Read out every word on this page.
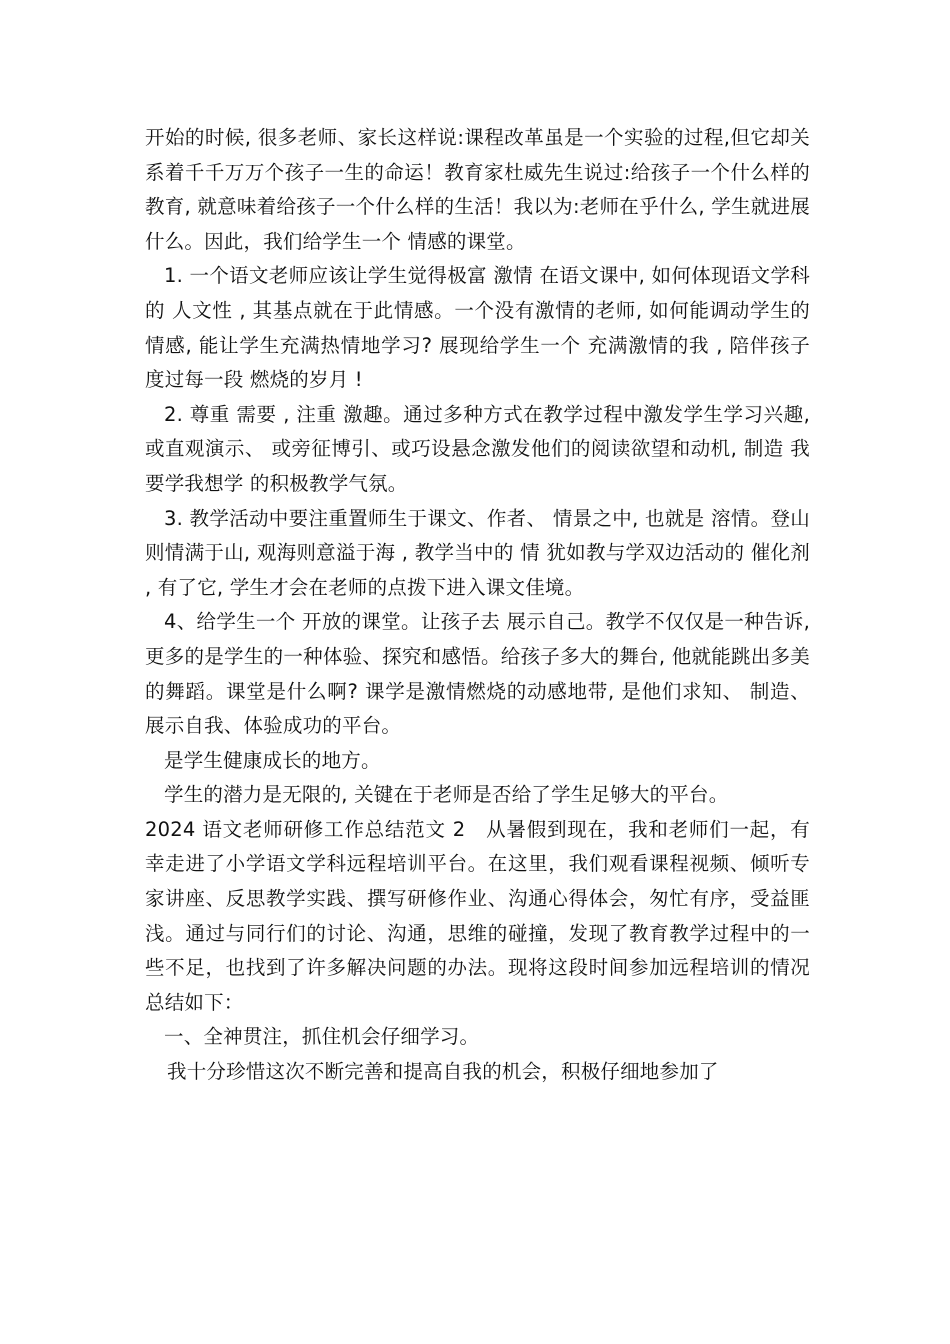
开始的时候, 很多老师、家长这样说:课程改革虽是一个实验的过程,但它却关系着千千万万个孩子一生的命运！教育家杜威先生说过:给孩子一个什么样的教育, 就意味着给孩子一个什么样的生活！我以为:老师在乎什么, 学生就进展什么。因此，我们给学生一个 情感的课堂。

1. 一个语文老师应该让学生觉得极富 激情 在语文课中, 如何体现语文学科的 人文性 , 其基点就在于此情感。一个没有激情的老师, 如何能调动学生的情感, 能让学生充满热情地学习? 展现给学生一个 充满激情的我 , 陪伴孩子度过每一段 燃烧的岁月 !

2. 尊重 需要 , 注重 激趣。通过多种方式在教学过程中激发学生学习兴趣, 或直观演示、 或旁征博引、或巧设悬念激发他们的阅读欲望和动机, 制造 我要学我想学 的积极教学气氛。

3. 教学活动中要注重置师生于课文、作者、 情景之中, 也就是 溶情。登山则情满于山, 观海则意溢于海 , 教学当中的 情 犹如教与学双边活动的 催化剂 , 有了它, 学生才会在老师的点拨下进入课文佳境。

4、给学生一个 开放的课堂。让孩子去 展示自己。教学不仅仅是一种告诉, 更多的是学生的一种体验、探究和感悟。给孩子多大的舞台, 他就能跳出多美的舞蹈。课堂是什么啊? 课学是激情燃烧的动感地带, 是他们求知、 制造、 展示自我、体验成功的平台。

是学生健康成长的地方。

学生的潜力是无限的, 关键在于老师是否给了学生足够大的平台。

2024 语文老师研修工作总结范文 2　从暑假到现在，我和老师们一起，有幸走进了小学语文学科远程培训平台。在这里，我们观看课程视频、倾听专家讲座、反思教学实践、撰写研修作业、沟通心得体会，匆忙有序，受益匪浅。通过与同行们的讨论、沟通，思维的碰撞，发现了教育教学过程中的一些不足，也找到了许多解决问题的办法。现将这段时间参加远程培训的情况总结如下：

一、全神贯注，抓住机会仔细学习。

我十分珍惜这次不断完善和提高自我的机会，积极仔细地参加了
